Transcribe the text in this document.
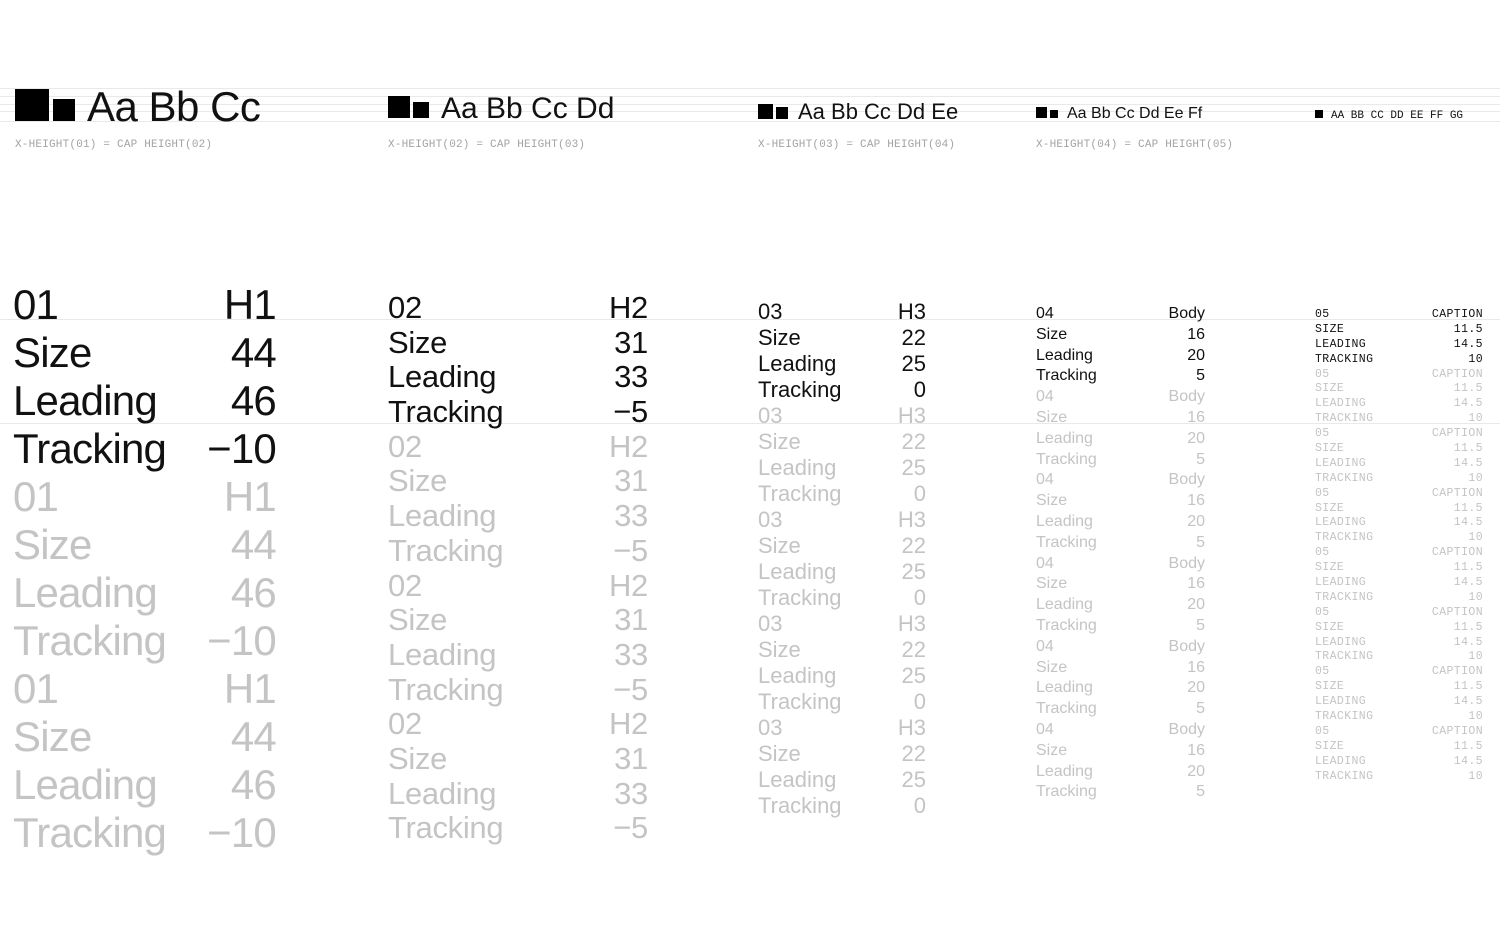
Aa Bb Cc
X-HEIGHT(01) = CAP HEIGHT(02)
Aa Bb Cc Dd
X-HEIGHT(02) = CAP HEIGHT(03)
Aa Bb Cc Dd Ee
X-HEIGHT(03) = CAP HEIGHT(04)
Aa Bb Cc Dd Ee Ff
X-HEIGHT(04) = CAP HEIGHT(05)
AA BB CC DD EE FF GG
01	H1
Size	44
Leading 46
Tracking −10
01	H1
Size	44
Leading 46
Tracking −10
01	H1
Size	44
Leading 46
Tracking −10
02	H2
Size	31
Leading	33
Tracking	−5
02	H2
Size	31
Leading	33
Tracking	−5
02	H2
Size	31
Leading	33
Tracking	−5
02	H2
Size	31
Leading	33
Tracking	−5
03	H3
Size	22
Leading	25
Tracking	0
03	H3
Size	22
Leading	25
Tracking	0
03	H3
Size	22
Leading	25
Tracking	0
03	H3
Size	22
Leading	25
Tracking	0
03	H3
Size	22
Leading	25
Tracking	0
04	Body
Size	16
Leading	20
Tracking	5
04	Body
Size	16
Leading	20
Tracking	5
04	Body
Size	16
Leading	20
Tracking	5
04	Body
Size	16
Leading	20
Tracking	5
04	Body
Size	16
Leading	20
Tracking	5
04	Body
Size	16
Leading	20
Tracking	5
05	CAPTION
SIZE	11.5
LEADING	14.5
TRACKING	10
05	CAPTION
SIZE	11.5
LEADING	14.5
TRACKING	10
05	CAPTION
SIZE	11.5
LEADING	14.5
TRACKING	10
05	CAPTION
SIZE	11.5
LEADING	14.5
TRACKING	10
05	CAPTION
SIZE	11.5
LEADING	14.5
TRACKING	10
05	CAPTION
SIZE	11.5
LEADING	14.5
TRACKING	10
05	CAPTION
SIZE	11.5
LEADING	14.5
TRACKING	10
05	CAPTION
SIZE	11.5
LEADING	14.5
TRACKING	10
